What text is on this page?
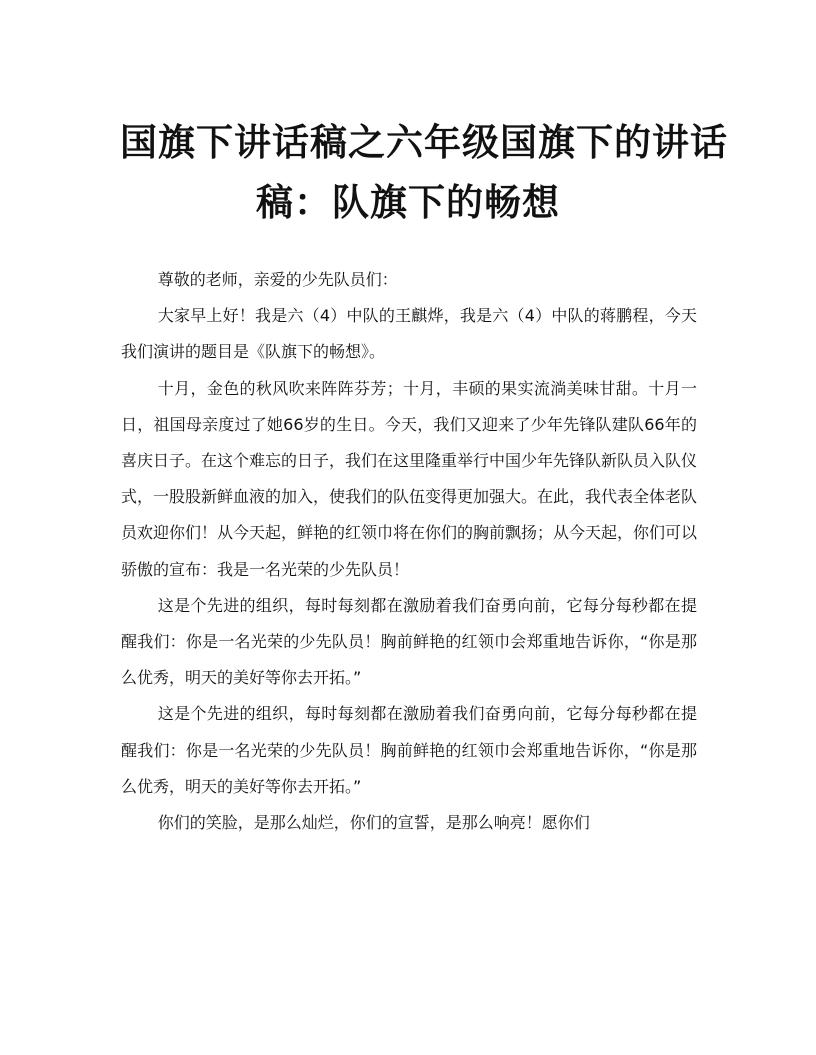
国旗下讲话稿之六年级国旗下的讲话
稿：队旗下的畅想

尊敬的老师，亲爱的少先队员们：

大家早上好！我是六（4）中队的王麒烨，我是六（4）中队的蒋鹏程，今天我们演讲的题目是《队旗下的畅想》。

十月，金色的秋风吹来阵阵芬芳；十月，丰硕的果实流淌美味甘甜。十月一日，祖国母亲度过了她66岁的生日。今天，我们又迎来了少年先锋队建队66年的喜庆日子。在这个难忘的日子，我们在这里隆重举行中国少年先锋队新队员入队仪式，一股股新鲜血液的加入，使我们的队伍变得更加强大。在此，我代表全体老队员欢迎你们！从今天起，鲜艳的红领巾将在你们的胸前飘扬；从今天起，你们可以骄傲的宣布：我是一名光荣的少先队员！

这是个先进的组织，每时每刻都在激励着我们奋勇向前，它每分每秒都在提醒我们：你是一名光荣的少先队员！胸前鲜艳的红领巾会郑重地告诉你，“你是那么优秀，明天的美好等你去开拓。”

这是个先进的组织，每时每刻都在激励着我们奋勇向前，它每分每秒都在提醒我们：你是一名光荣的少先队员！胸前鲜艳的红领巾会郑重地告诉你，“你是那么优秀，明天的美好等你去开拓。”

你们的笑脸，是那么灿烂，你们的宣誓，是那么响亮！愿你们
